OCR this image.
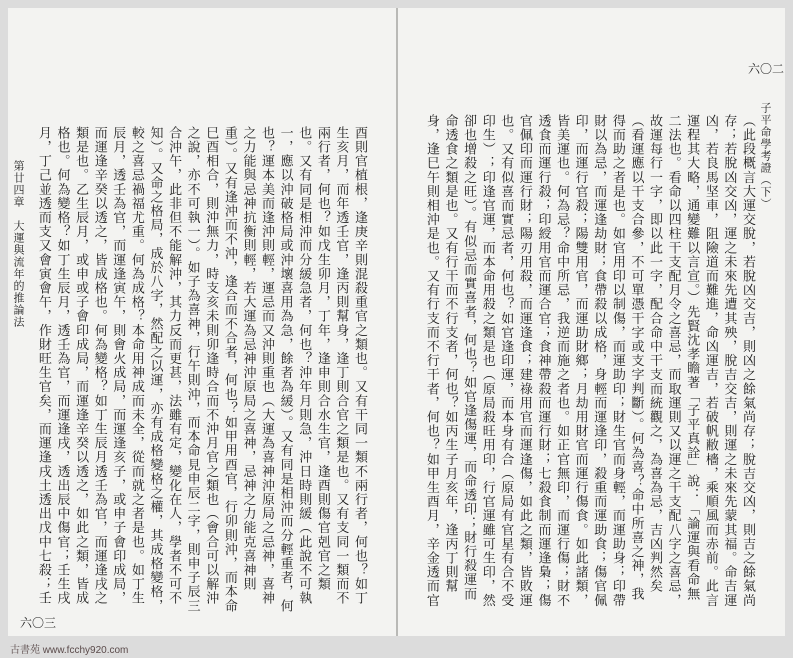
六〇二
子平命學考證（下）

（此段概言大運交脫，若脫凶交吉，則凶之餘氣尚存；脫吉交凶，則吉之餘氣尚存；若脫凶交凶，運之未來先遭其殃，脫吉交吉，則運之未來先蒙其福。命吉運凶，若良馬坚車，阻險道而難進，命凶運吉，若破帆敝檣，乘順風而赤前。此言運程其大略，通變難以言宣。）先賢沈孝瞻著「子平真詮」說：「論運與看命無二法也。看命以四柱干支配月令之喜忌，而取運則又以運之干支配八字之喜忌，故運每行一字，即以此一字，配合命中干支而統觀之，為喜為忌，吉凶判然矣（看運應以干支合參，不可單憑干字或支字判斷）。何為喜？命中所喜之神，我得而助之者是也。如官用印以制傷，而運助印；財生官而身輕，而運助身；印帶財以為忌，而運逢劫財；食帶殺以成格，身輕而運逢印，殺重而運助食；傷官佩印，而運行官殺；陽雙用官，而運助財鄉；月劫用財官而運行傷食。如此諸類，皆美運也。何為忌？命中所忌，我逆而施之者也。如正官無印，而運行傷；財不透食而運行殺；印綬用官而運合官；食神帶殺而運行財；七殺食制而運逢梟；傷官佩印而運行財；陽刃用殺，而運逢食；建祿用官而運逢傷，如此之類，皆敗運也。又有似喜而實忌者，何也？如官逢印運，而本身有合（原局有官星有合不受印生）；印逢官運，而本命用殺之類是也（原局殺旺用印，行官運雖可生印，然卻也增殺之旺）。有似忌而實喜者，何也？如官逢傷運，而命透印；財行殺運而命透食之類是也。又有行干而不行支者，何也？如丙生子月亥年，逢丙丁則幫身，逢巳午則相沖是也。又有行支而不行干者，何也？如甲生酉月，辛金透而官

六〇三
第廿四章　大運與流年的推論法

酉則官植根，逢庚辛則混殺重官之類也。又有干同一類不兩行者，何也？如丁生亥月，而年透壬官，逢丙則幫身，逢丁則合官之類是也。又有支同一類而不兩行者，何也？如戊生卯月，丁年，逢申則合水生官，逢酉則傷官剋官之類也。又有同是相沖而分緩急者，何也？沖年月則急，沖日時則緩（此說不可執一，應以沖破格局或沖壞喜用為急，餘者為緩）。又有同是相沖而分輕重者，何也？運本美而逢沖則輕，運忌而又沖則重也（大運為喜神沖原局之忌神，喜神之力能與忌神抗衡則輕，若大運為忌神沖原局之喜神，忌神之力能克喜神則重）。又有逢沖而不沖，逢合而不合者，何也？如甲用酉官，行卯則沖，而本命巳酉相合，則沖無力，時支亥未則卯逢時合而不沖月官之類也（會合可以解沖之說，亦不可執一）。如子為喜神，行午則沖，而本命見申辰二字，則申子辰三合沖午，此非但不能解沖，其力反而更甚，法雖有定，變化在人，學者不可不知）。又命之格局，成於八字，然配之以運，亦有成格變格之權，其成格變格，較之喜忌禍福尤重。何為成格？本命用神成而未全，從而就之者是也。如丁生辰月，透壬為官，而運逢寅午，則會火成局，而運逢亥子，或申子會印成局，而運逢辛癸以透之，皆成格也。何為變格？如丁生辰月透壬為官，而運逢戌之類是也。乙生辰月，或申或子會印成局，而運逢辛癸以透之，如此之類，皆成格也。何為變格？如丁生辰月，透壬為官，而運逢戌，透出辰中傷官；壬生戌月，丁己並透而支又會寅會午，作財旺生官矣，而運逢戌土透出戊中七殺；壬

古書苑 www.fcchy920.com
